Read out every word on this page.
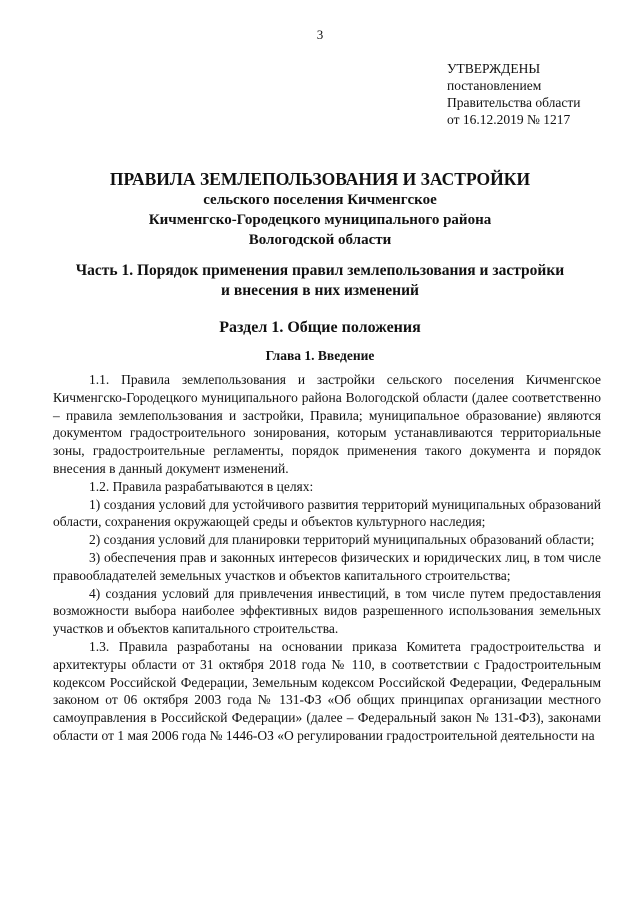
3
УТВЕРЖДЕНЫ
постановлением
Правительства области
от 16.12.2019 № 1217
ПРАВИЛА ЗЕМЛЕПОЛЬЗОВАНИЯ И ЗАСТРОЙКИ
сельского поселения Кичменгское
Кичменгско-Городецкого муниципального района
Вологодской области
Часть 1. Порядок применения правил землепользования и застройки
и внесения в них изменений
Раздел 1. Общие положения
Глава 1. Введение

1.1. Правила землепользования и застройки сельского поселения Кичменгское Кичменгско-Городецкого муниципального района Вологодской области (далее соответственно – правила землепользования и застройки, Правила; муниципальное образование) являются документом градостроительного зонирования, которым устанавливаются территориальные зоны, градостроительные регламенты, порядок применения такого документа и порядок внесения в данный документ изменений.

1.2. Правила разрабатываются в целях:

1) создания условий для устойчивого развития территорий муниципальных образований области, сохранения окружающей среды и объектов культурного наследия;

2) создания условий для планировки территорий муниципальных образований области;

3) обеспечения прав и законных интересов физических и юридических лиц, в том числе правообладателей земельных участков и объектов капитального строительства;

4) создания условий для привлечения инвестиций, в том числе путем предоставления возможности выбора наиболее эффективных видов разрешенного использования земельных участков и объектов капитального строительства.

1.3. Правила разработаны на основании приказа Комитета градостроительства и архитектуры области от 31 октября 2018 года № 110, в соответствии с Градостроительным кодексом Российской Федерации, Земельным кодексом Российской Федерации, Федеральным законом от 06 октября 2003 года № 131-ФЗ «Об общих принципах организации местного самоуправления в Российской Федерации» (далее – Федеральный закон № 131-ФЗ), законами области от 1 мая 2006 года № 1446-ОЗ «О регулировании градостроительной деятельности на
